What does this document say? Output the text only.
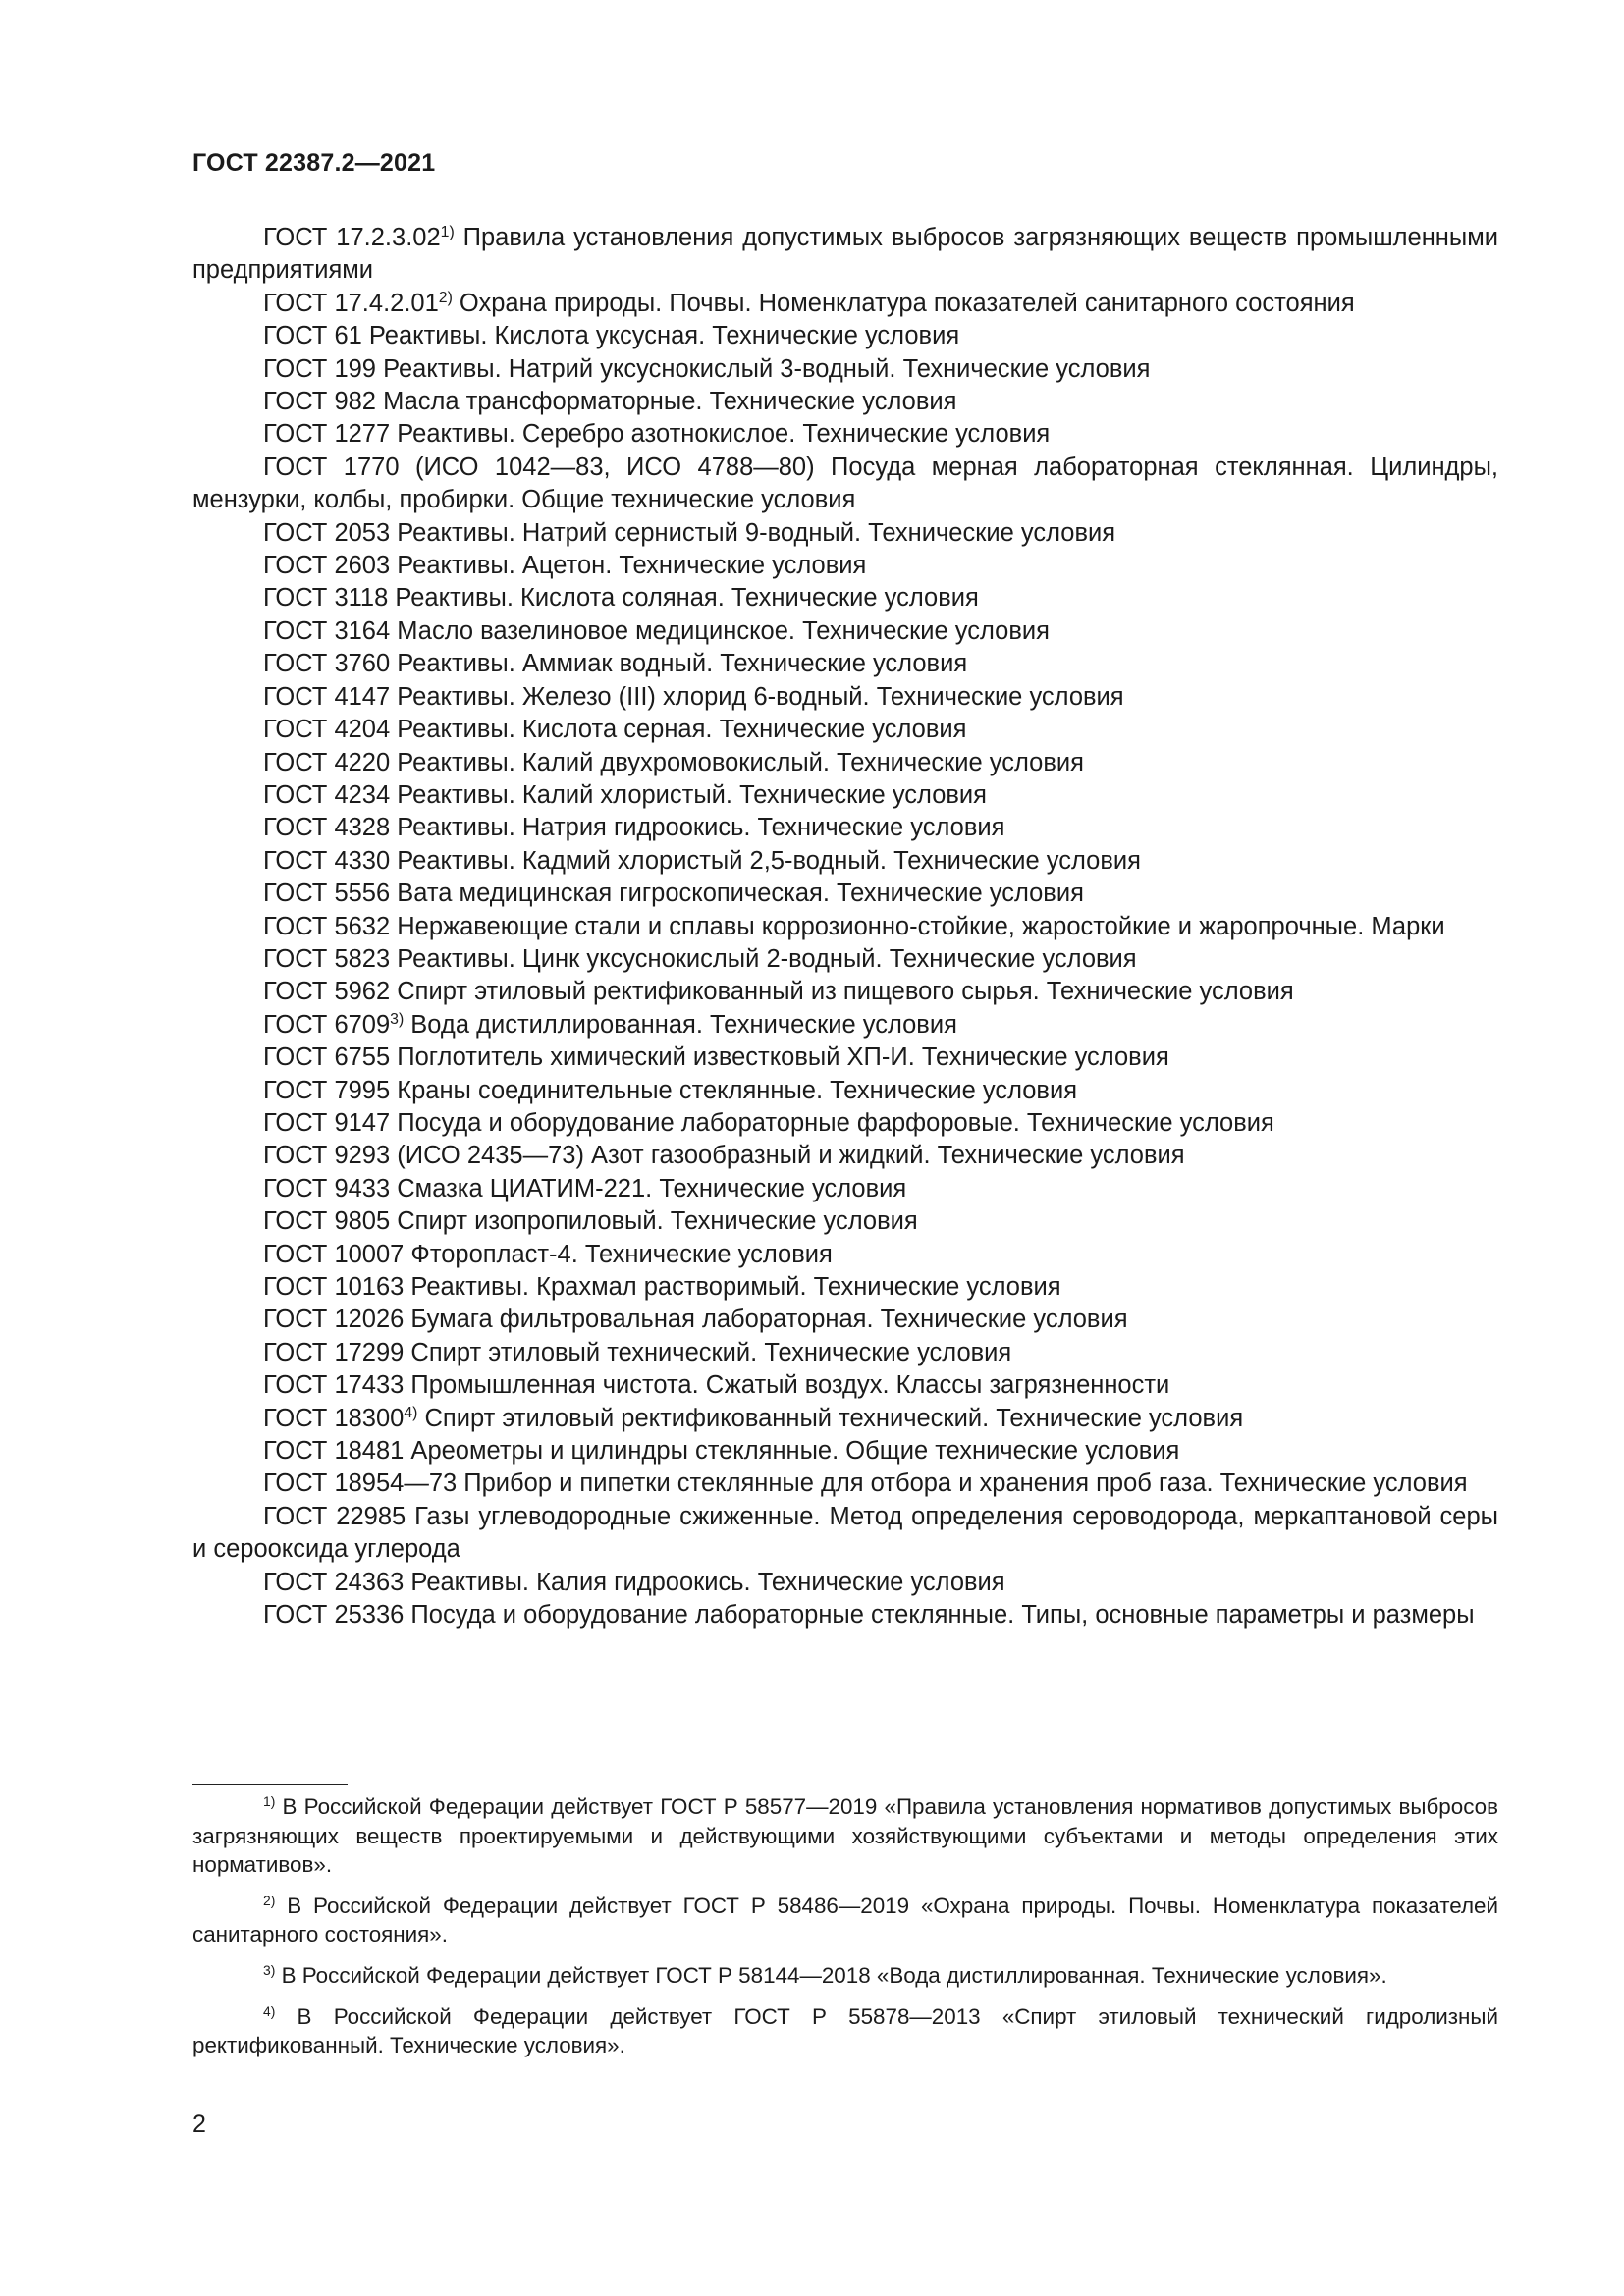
ГОСТ 22387.2—2021

ГОСТ 17.2.3.02$^{1)}$ Правила установления допустимых выбросов загрязняющих веществ промышленными предприятиями

ГОСТ 17.4.2.01$^{2)}$ Охрана природы. Почвы. Номенклатура показателей санитарного состояния

ГОСТ 61 Реактивы. Кислота уксусная. Технические условия

ГОСТ 199 Реактивы. Натрий уксуснокислый 3-водный. Технические условия

ГОСТ 982 Масла трансформаторные. Технические условия

ГОСТ 1277 Реактивы. Серебро азотнокислое. Технические условия

ГОСТ 1770 (ИСО 1042—83, ИСО 4788—80) Посуда мерная лабораторная стеклянная. Цилиндры, мензурки, колбы, пробирки. Общие технические условия

ГОСТ 2053 Реактивы. Натрий сернистый 9-водный. Технические условия

ГОСТ 2603 Реактивы. Ацетон. Технические условия

ГОСТ 3118 Реактивы. Кислота соляная. Технические условия

ГОСТ 3164 Масло вазелиновое медицинское. Технические условия

ГОСТ 3760 Реактивы. Аммиак водный. Технические условия

ГОСТ 4147 Реактивы. Железо (III) хлорид 6-водный. Технические условия

ГОСТ 4204 Реактивы. Кислота серная. Технические условия

ГОСТ 4220 Реактивы. Калий двухромовокислый. Технические условия

ГОСТ 4234 Реактивы. Калий хлористый. Технические условия

ГОСТ 4328 Реактивы. Натрия гидроокись. Технические условия

ГОСТ 4330 Реактивы. Кадмий хлористый 2,5-водный. Технические условия

ГОСТ 5556 Вата медицинская гигроскопическая. Технические условия

ГОСТ 5632 Нержавеющие стали и сплавы коррозионно-стойкие, жаростойкие и жаропрочные. Марки

ГОСТ 5823 Реактивы. Цинк уксуснокислый 2-водный. Технические условия

ГОСТ 5962 Спирт этиловый ректификованный из пищевого сырья. Технические условия

ГОСТ 6709$^{3)}$ Вода дистиллированная. Технические условия

ГОСТ 6755 Поглотитель химический известковый ХП-И. Технические условия

ГОСТ 7995 Краны соединительные стеклянные. Технические условия

ГОСТ 9147 Посуда и оборудование лабораторные фарфоровые. Технические условия

ГОСТ 9293 (ИСО 2435—73) Азот газообразный и жидкий. Технические условия

ГОСТ 9433 Смазка ЦИАТИМ-221. Технические условия

ГОСТ 9805 Спирт изопропиловый. Технические условия

ГОСТ 10007 Фторопласт-4. Технические условия

ГОСТ 10163 Реактивы. Крахмал растворимый. Технические условия

ГОСТ 12026 Бумага фильтровальная лабораторная. Технические условия

ГОСТ 17299 Спирт этиловый технический. Технические условия

ГОСТ 17433 Промышленная чистота. Сжатый воздух. Классы загрязненности

ГОСТ 18300$^{4)}$ Спирт этиловый ректификованный технический. Технические условия

ГОСТ 18481 Ареометры и цилиндры стеклянные. Общие технические условия

ГОСТ 18954—73 Прибор и пипетки стеклянные для отбора и хранения проб газа. Технические условия

ГОСТ 22985 Газы углеводородные сжиженные. Метод определения сероводорода, меркаптановой серы и серооксида углерода

ГОСТ 24363 Реактивы. Калия гидроокись. Технические условия

ГОСТ 25336 Посуда и оборудование лабораторные стеклянные. Типы, основные параметры и размеры

$^{1)}$ В Российской Федерации действует ГОСТ Р 58577—2019 «Правила установления нормативов допустимых выбросов загрязняющих веществ проектируемыми и действующими хозяйствующими субъектами и методы определения этих нормативов».

$^{2)}$ В Российской Федерации действует ГОСТ Р 58486—2019 «Охрана природы. Почвы. Номенклатура показателей санитарного состояния».

$^{3)}$ В Российской Федерации действует ГОСТ Р 58144—2018 «Вода дистиллированная. Технические условия».

$^{4)}$ В Российской Федерации действует ГОСТ Р 55878—2013 «Спирт этиловый технический гидролизный ректификованный. Технические условия».

2
